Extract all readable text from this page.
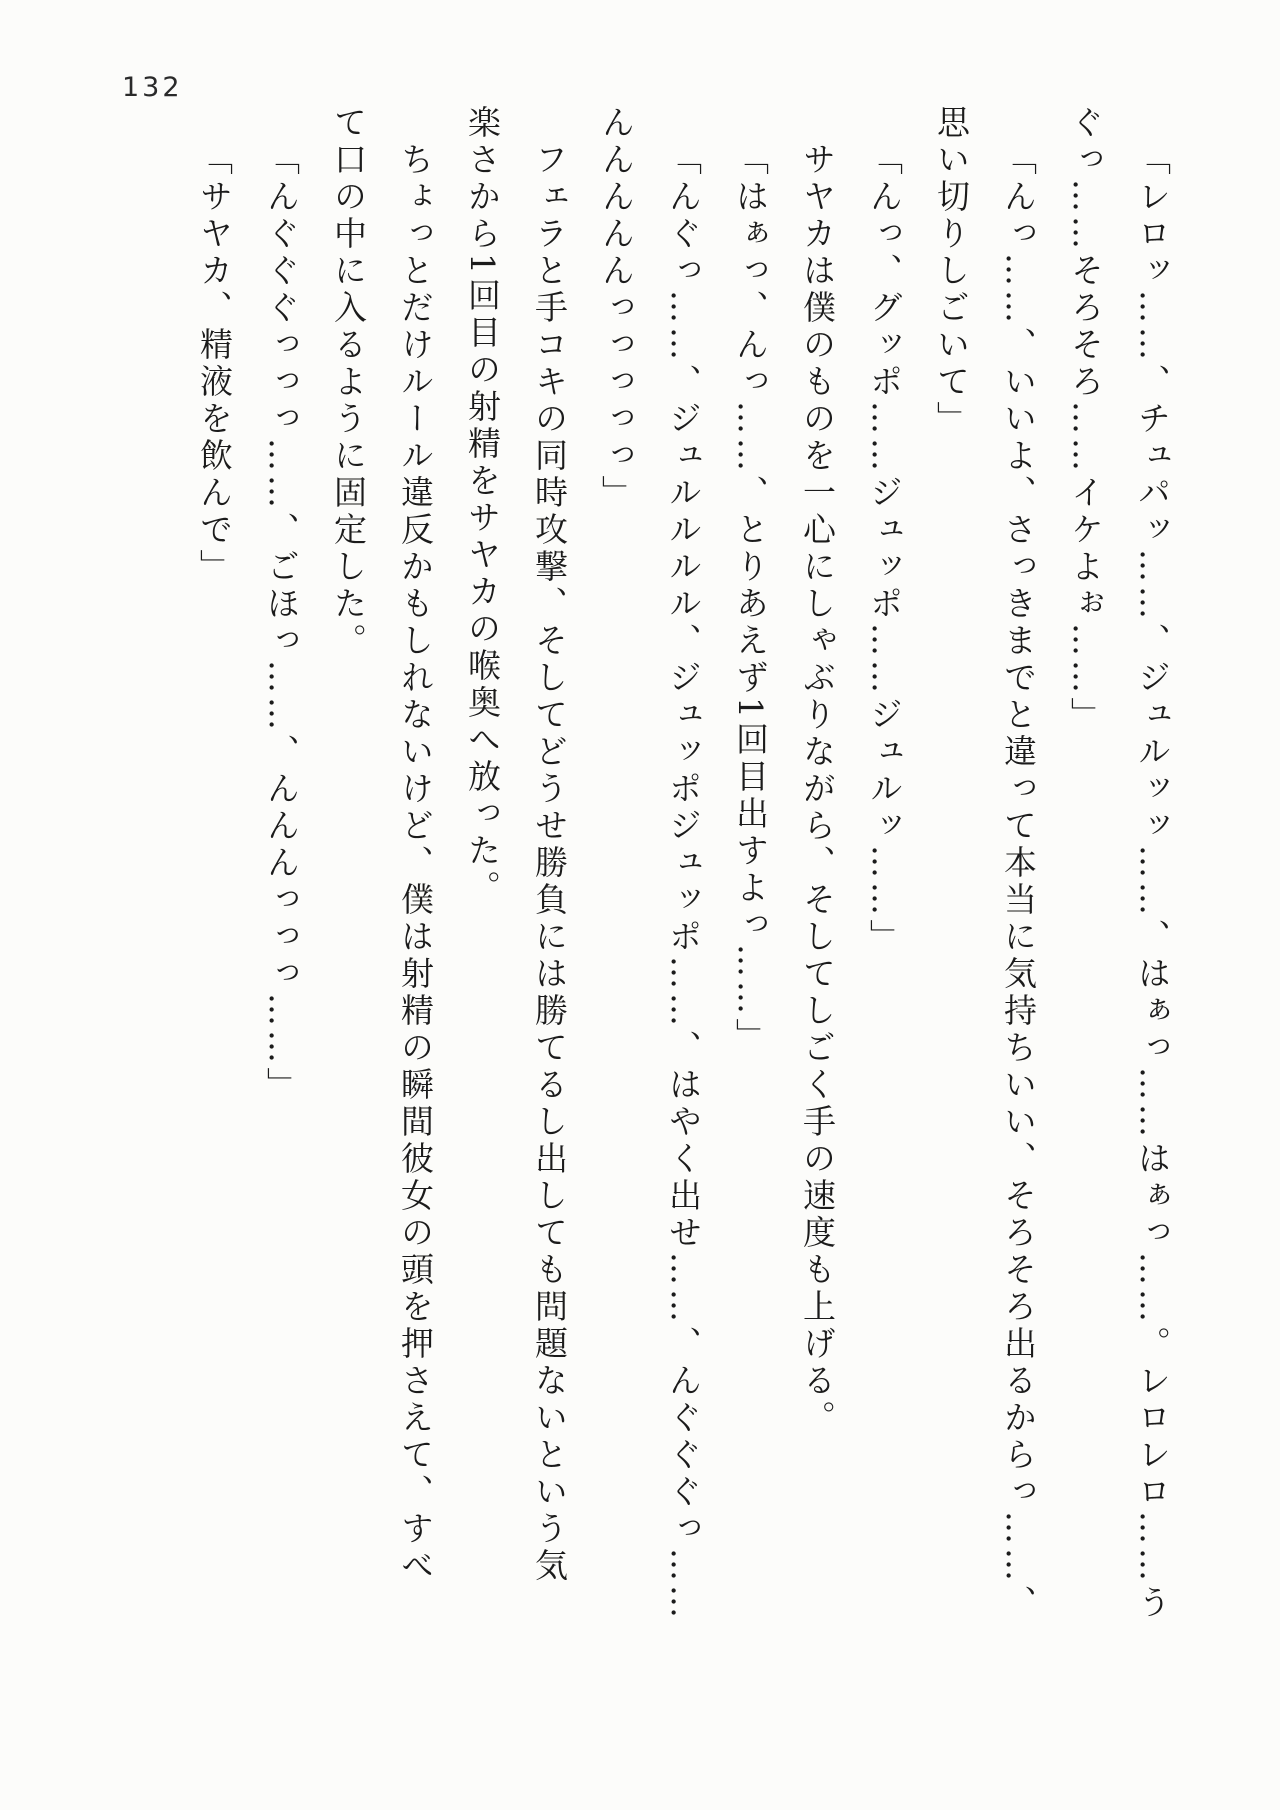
132
「レロッ……、チュパッ……、ジュルッッ……、はぁっ……はぁっ……。レロレロ……う
ぐっ……そろそろ……イケよぉ……」
「んっ……、いいよ、さっきまでと違って本当に気持ちいい、そろそろ出るからっ……、
思い切りしごいて」
「んっ、グッポ……ジュッポ……ジュルッ……」
サヤカは僕のものを一心にしゃぶりながら、そしてしごく手の速度も上げる。
「はぁっ、んっ……、とりあえず1回目出すよっ……」
「んぐっ……、ジュルルルル、ジュッポジュッポ……、はやく出せ……、んぐぐぐっ……
んんんんんっっっっっ」
フェラと手コキの同時攻撃、そしてどうせ勝負には勝てるし出しても問題ないという気
楽さから1回目の射精をサヤカの喉奥へ放った。
ちょっとだけルール違反かもしれないけど、僕は射精の瞬間彼女の頭を押さえて、すべ
て口の中に入るように固定した。
「んぐぐぐっっっ……、ごほっ……、んんんっっっ……」
「サヤカ、精液を飲んで」
